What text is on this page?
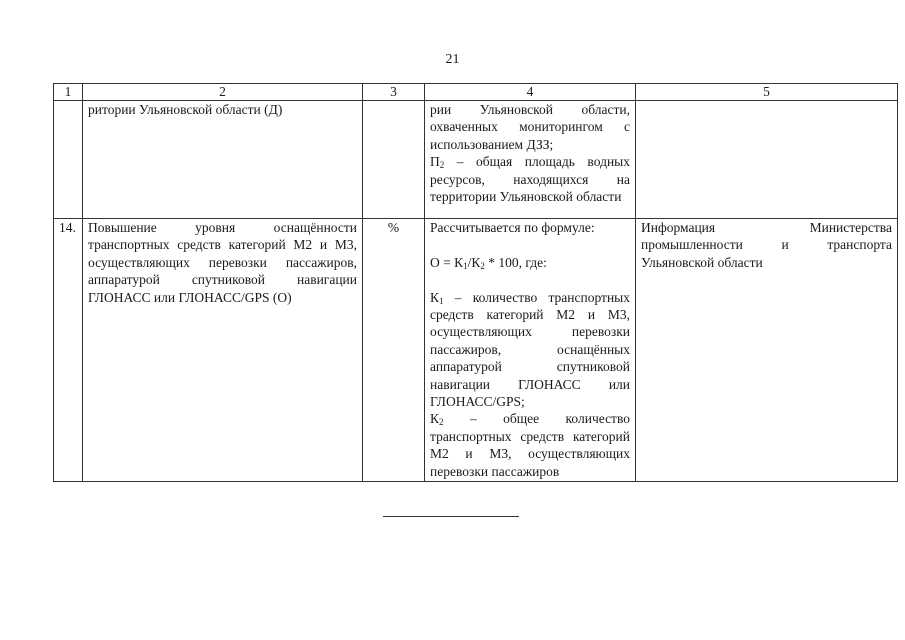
21
1	2	3	4	5
	ритории Ульяновской области (Д)		рии Ульяновской области, охваченных мониторингом с использованием ДЗЗ;

$П_2$ – общая площадь водных ресурсов, находящихся на территории Ульяновской области	

14.	Повышение уровня оснащённости транспортных средств категорий М2 и М3, осуществляющих перевозки пассажиров, аппаратурой спутниковой навигации ГЛОНАСС или ГЛОНАСС/GPS (О)	%	Рассчитывается по формуле:

$О = К_1/К_2 * 100$, где:

$К_1$ – количество транспортных средств категорий М2 и М3, осуществляющих перевозки пассажиров, оснащённых аппаратурой спутниковой навигации ГЛОНАСС или ГЛОНАСС/GPS;

$К_2$ – общее количество транспортных средств категорий М2 и М3, осуществляющих перевозки пассажиров	Информация Министерства промышленности и транспорта Ульяновской области
